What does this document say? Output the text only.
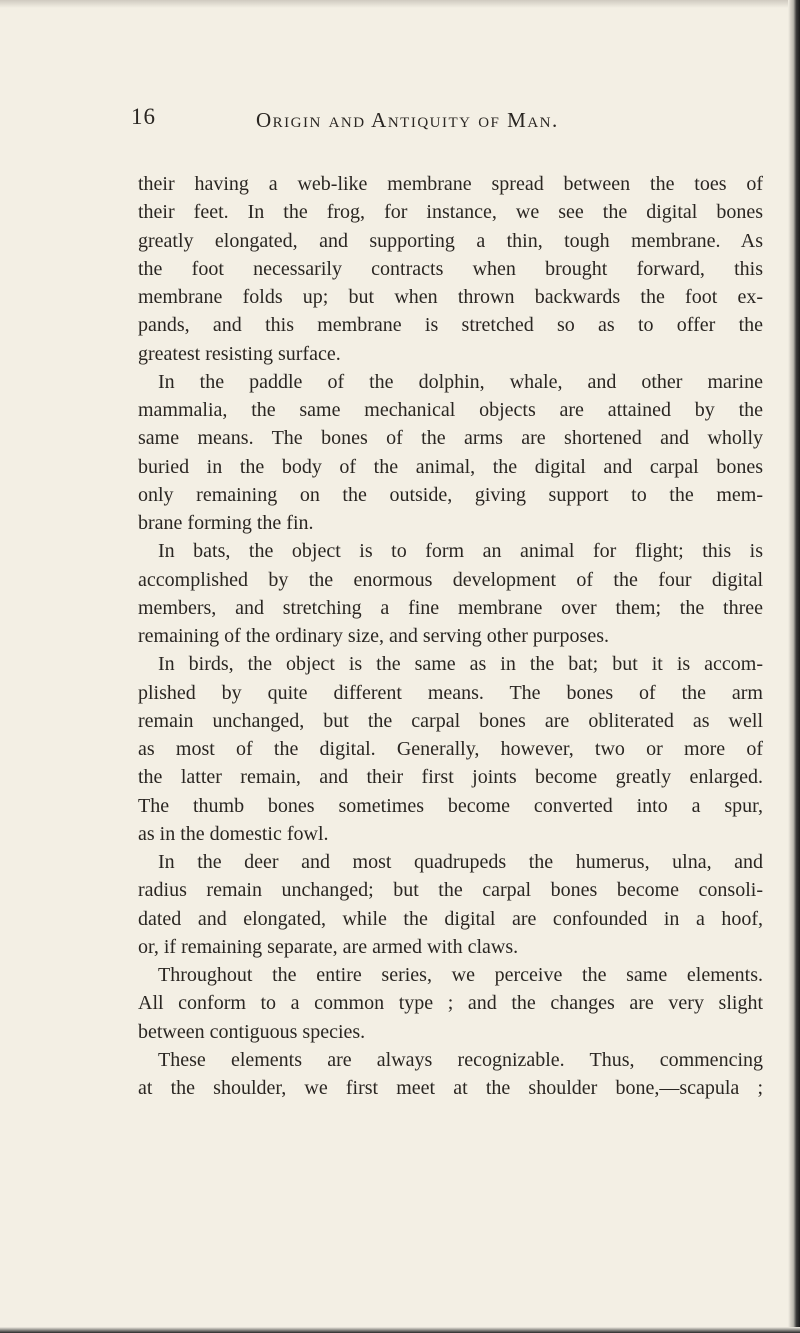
16	Origin and Antiquity of Man.
their having a web-like membrane spread between the toes of
their feet. In the frog, for instance, we see the digital bones
greatly elongated, and supporting a thin, tough membrane. As
the foot necessarily contracts when brought forward, this
membrane folds up; but when thrown backwards the foot ex-
pands, and this membrane is stretched so as to offer the
greatest resisting surface.
In the paddle of the dolphin, whale, and other marine
mammalia, the same mechanical objects are attained by the
same means. The bones of the arms are shortened and wholly
buried in the body of the animal, the digital and carpal bones
only remaining on the outside, giving support to the mem-
brane forming the fin.
In bats, the object is to form an animal for flight; this is
accomplished by the enormous development of the four digital
members, and stretching a fine membrane over them; the three
remaining of the ordinary size, and serving other purposes.
In birds, the object is the same as in the bat; but it is accom-
plished by quite different means. The bones of the arm
remain unchanged, but the carpal bones are obliterated as well
as most of the digital. Generally, however, two or more of
the latter remain, and their first joints become greatly enlarged.
The thumb bones sometimes become converted into a spur,
as in the domestic fowl.
In the deer and most quadrupeds the humerus, ulna, and
radius remain unchanged; but the carpal bones become consoli-
dated and elongated, while the digital are confounded in a hoof,
or, if remaining separate, are armed with claws.
Throughout the entire series, we perceive the same elements.
All conform to a common type ; and the changes are very slight
between contiguous species.
These elements are always recognizable. Thus, commencing
at the shoulder, we first meet at the shoulder bone,—scapula ;
